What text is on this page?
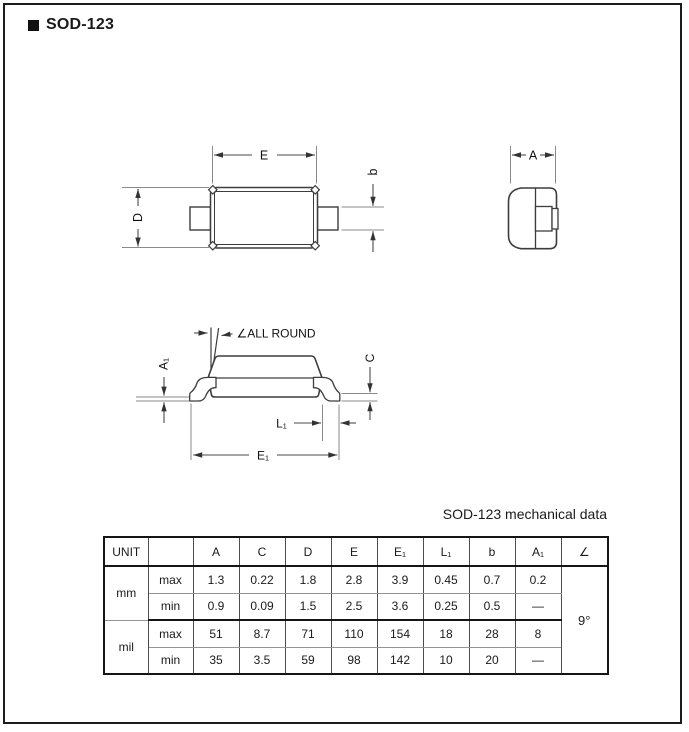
SOD-123
E
D
b
A
∠ALL ROUND
A₁	C
L₁
E₁
SOD-123 mechanical data
UNIT		A	C	D	E	E₁	L₁	b	A₁	∠
mm	max	1.3	0.22	1.8	2.8	3.9	0.45	0.7	0.2	9°
	min	0.9	0.09	1.5	2.5	3.6	0.25	0.5	—	
mil	max	51	8.7	71	110	154	18	28	8	
	min	35	3.5	59	98	142	10	20	—	
